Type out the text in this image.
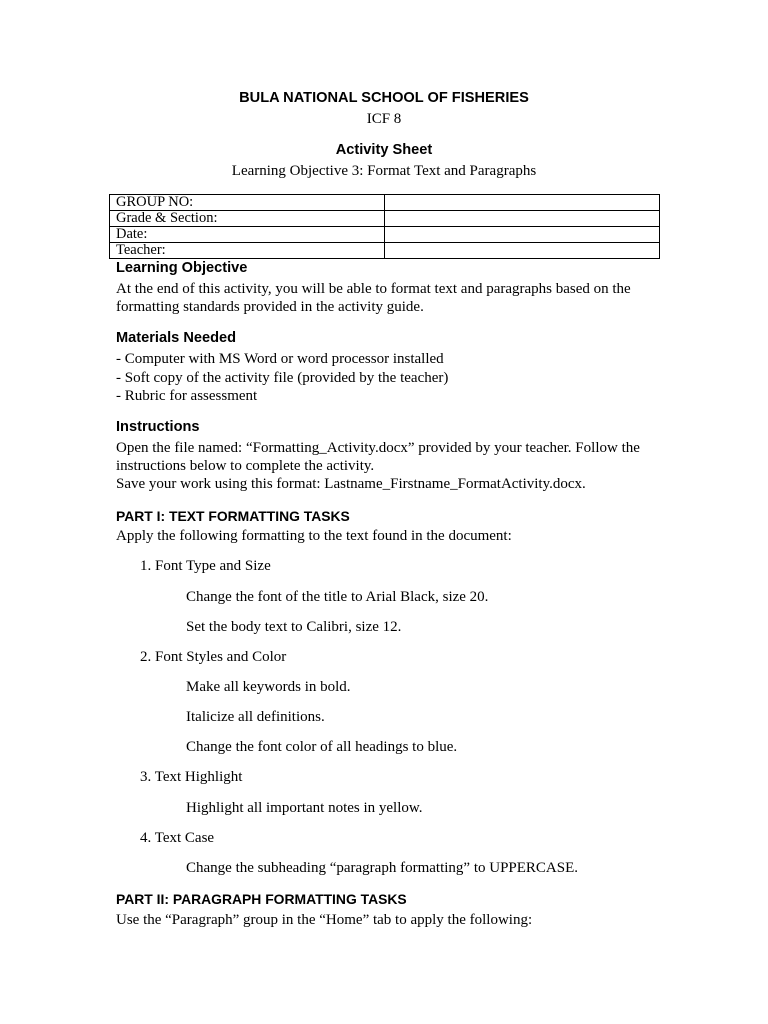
BULA NATIONAL SCHOOL OF FISHERIES
ICF 8
Activity Sheet
Learning Objective 3: Format Text and Paragraphs
GROUP NO:	
Grade & Section:	
Date:	
Teacher:	
Learning Objective
At the end of this activity, you will be able to format text and paragraphs based on the
formatting standards provided in the activity guide.
Materials Needed
- Computer with MS Word or word processor installed
- Soft copy of the activity file (provided by the teacher)
- Rubric for assessment
Instructions
Open the file named: “Formatting_Activity.docx” provided by your teacher. Follow the
instructions below to complete the activity.
Save your work using this format: Lastname_Firstname_FormatActivity.docx.
PART I: TEXT FORMATTING TASKS
Apply the following formatting to the text found in the document:
1. Font Type and Size
Change the font of the title to Arial Black, size 20.
Set the body text to Calibri, size 12.
2. Font Styles and Color
Make all keywords in bold.
Italicize all definitions.
Change the font color of all headings to blue.
3. Text Highlight
Highlight all important notes in yellow.
4. Text Case
Change the subheading “paragraph formatting” to UPPERCASE.
PART II: PARAGRAPH FORMATTING TASKS
Use the “Paragraph” group in the “Home” tab to apply the following:
